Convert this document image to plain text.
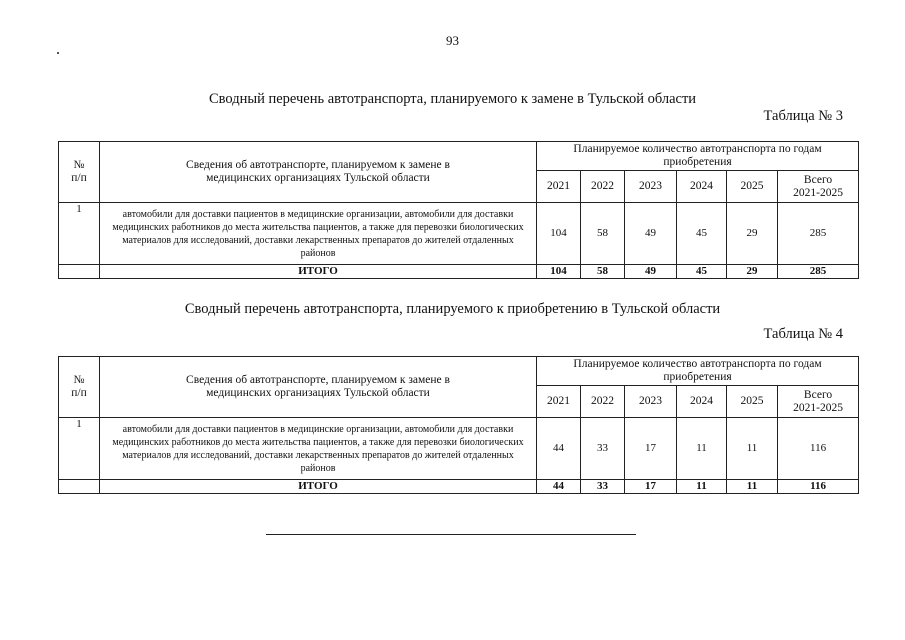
93
Сводный перечень автотранспорта, планируемого к замене в Тульской области
Таблица № 3
№
п/п	Сведения об автотранспорте, планируемом к замене в медицинских организациях Тульской области	Планируемое количество автотранспорта по годам приобретения					
		2021	2022	2023	2024	2025	Всего
2021-2025
1	автомобили для доставки пациентов в медицинские организации, автомобили для доставки медицинских работников до места жительства пациентов, а также для перевозки биологических материалов для исследований, доставки лекарственных препаратов до жителей отдаленных районов	104	58	49	45	29	285
	ИТОГО	104	58	49	45	29	285
Сводный перечень автотранспорта, планируемого к приобретению в Тульской области
Таблица № 4
№
п/п	Сведения об автотранспорте, планируемом к замене в медицинских организациях Тульской области	Планируемое количество автотранспорта по годам приобретения					
		2021	2022	2023	2024	2025	Всего
2021-2025
1	автомобили для доставки пациентов в медицинские организации, автомобили для доставки медицинских работников до места жительства пациентов, а также для перевозки биологических материалов для исследований, доставки лекарственных препаратов до жителей отдаленных районов	44	33	17	11	11	116
	ИТОГО	44	33	17	11	11	116
